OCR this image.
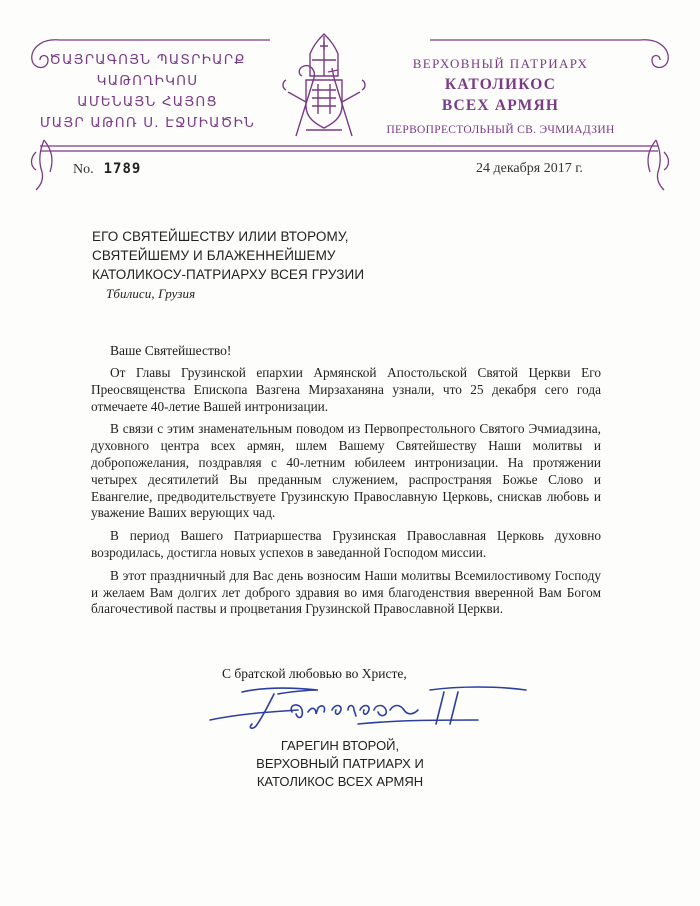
ԾԱՅՐԱԳՈՅՆ ՊԱՏՐԻԱՐՔ
ԿԱԹՈՂԻԿՈՍ
ԱՄԵՆԱՅՆ ՀԱՅՈՑ
ՄԱՅՐ ԱԹՈՌ Ս. ԷՋՄԻԱԾԻՆ
ВЕРХОВНЫЙ ПАТРИАРХ
КАТОЛИКОС
ВСЕХ АРМЯН
ПЕРВОПРЕСТОЛЬНЫЙ СВ. ЭЧМИАДЗИН
No. 1789	24 декабря 2017 г.
ЕГО СВЯТЕЙШЕСТВУ ИЛИИ ВТОРОМУ,
СВЯТЕЙШЕМУ И БЛАЖЕННЕЙШЕМУ
КАТОЛИКОСУ-ПАТРИАРХУ ВСЕЯ ГРУЗИИ
Тбилиси, Грузия
Ваше Святейшество!

От Главы Грузинской епархии Армянской Апостольской Святой Церкви Его Преосвященства Епископа Вазгена Мирзаханяна узнали, что 25 декабря сего года отмечаете 40-летие Вашей интронизации.

В связи с этим знаменательным поводом из Первопрестольного Святого Эчмиадзина, духовного центра всех армян, шлем Вашему Святейшеству Наши молитвы и добропожелания, поздравляя с 40-летним юбилеем интронизации. На протяжении четырех десятилетий Вы преданным служением, распространяя Божье Слово и Евангелие, предводительствуете Грузинскую Православную Церковь, снискав любовь и уважение Ваших верующих чад.

В период Вашего Патриаршества Грузинская Православная Церковь духовно возродилась, достигла новых успехов в заведанной Господом миссии.

В этот праздничный для Вас день возносим Наши молитвы Всемилостивому Господу и желаем Вам долгих лет доброго здравия во имя благоденствия вверенной Вам Богом благочестивой паствы и процветания Грузинской Православной Церкви.

С братской любовью во Христе,
ГАРЕГИН ВТОРОЙ,
ВЕРХОВНЫЙ ПАТРИАРХ И
КАТОЛИКОС ВСЕХ АРМЯН
